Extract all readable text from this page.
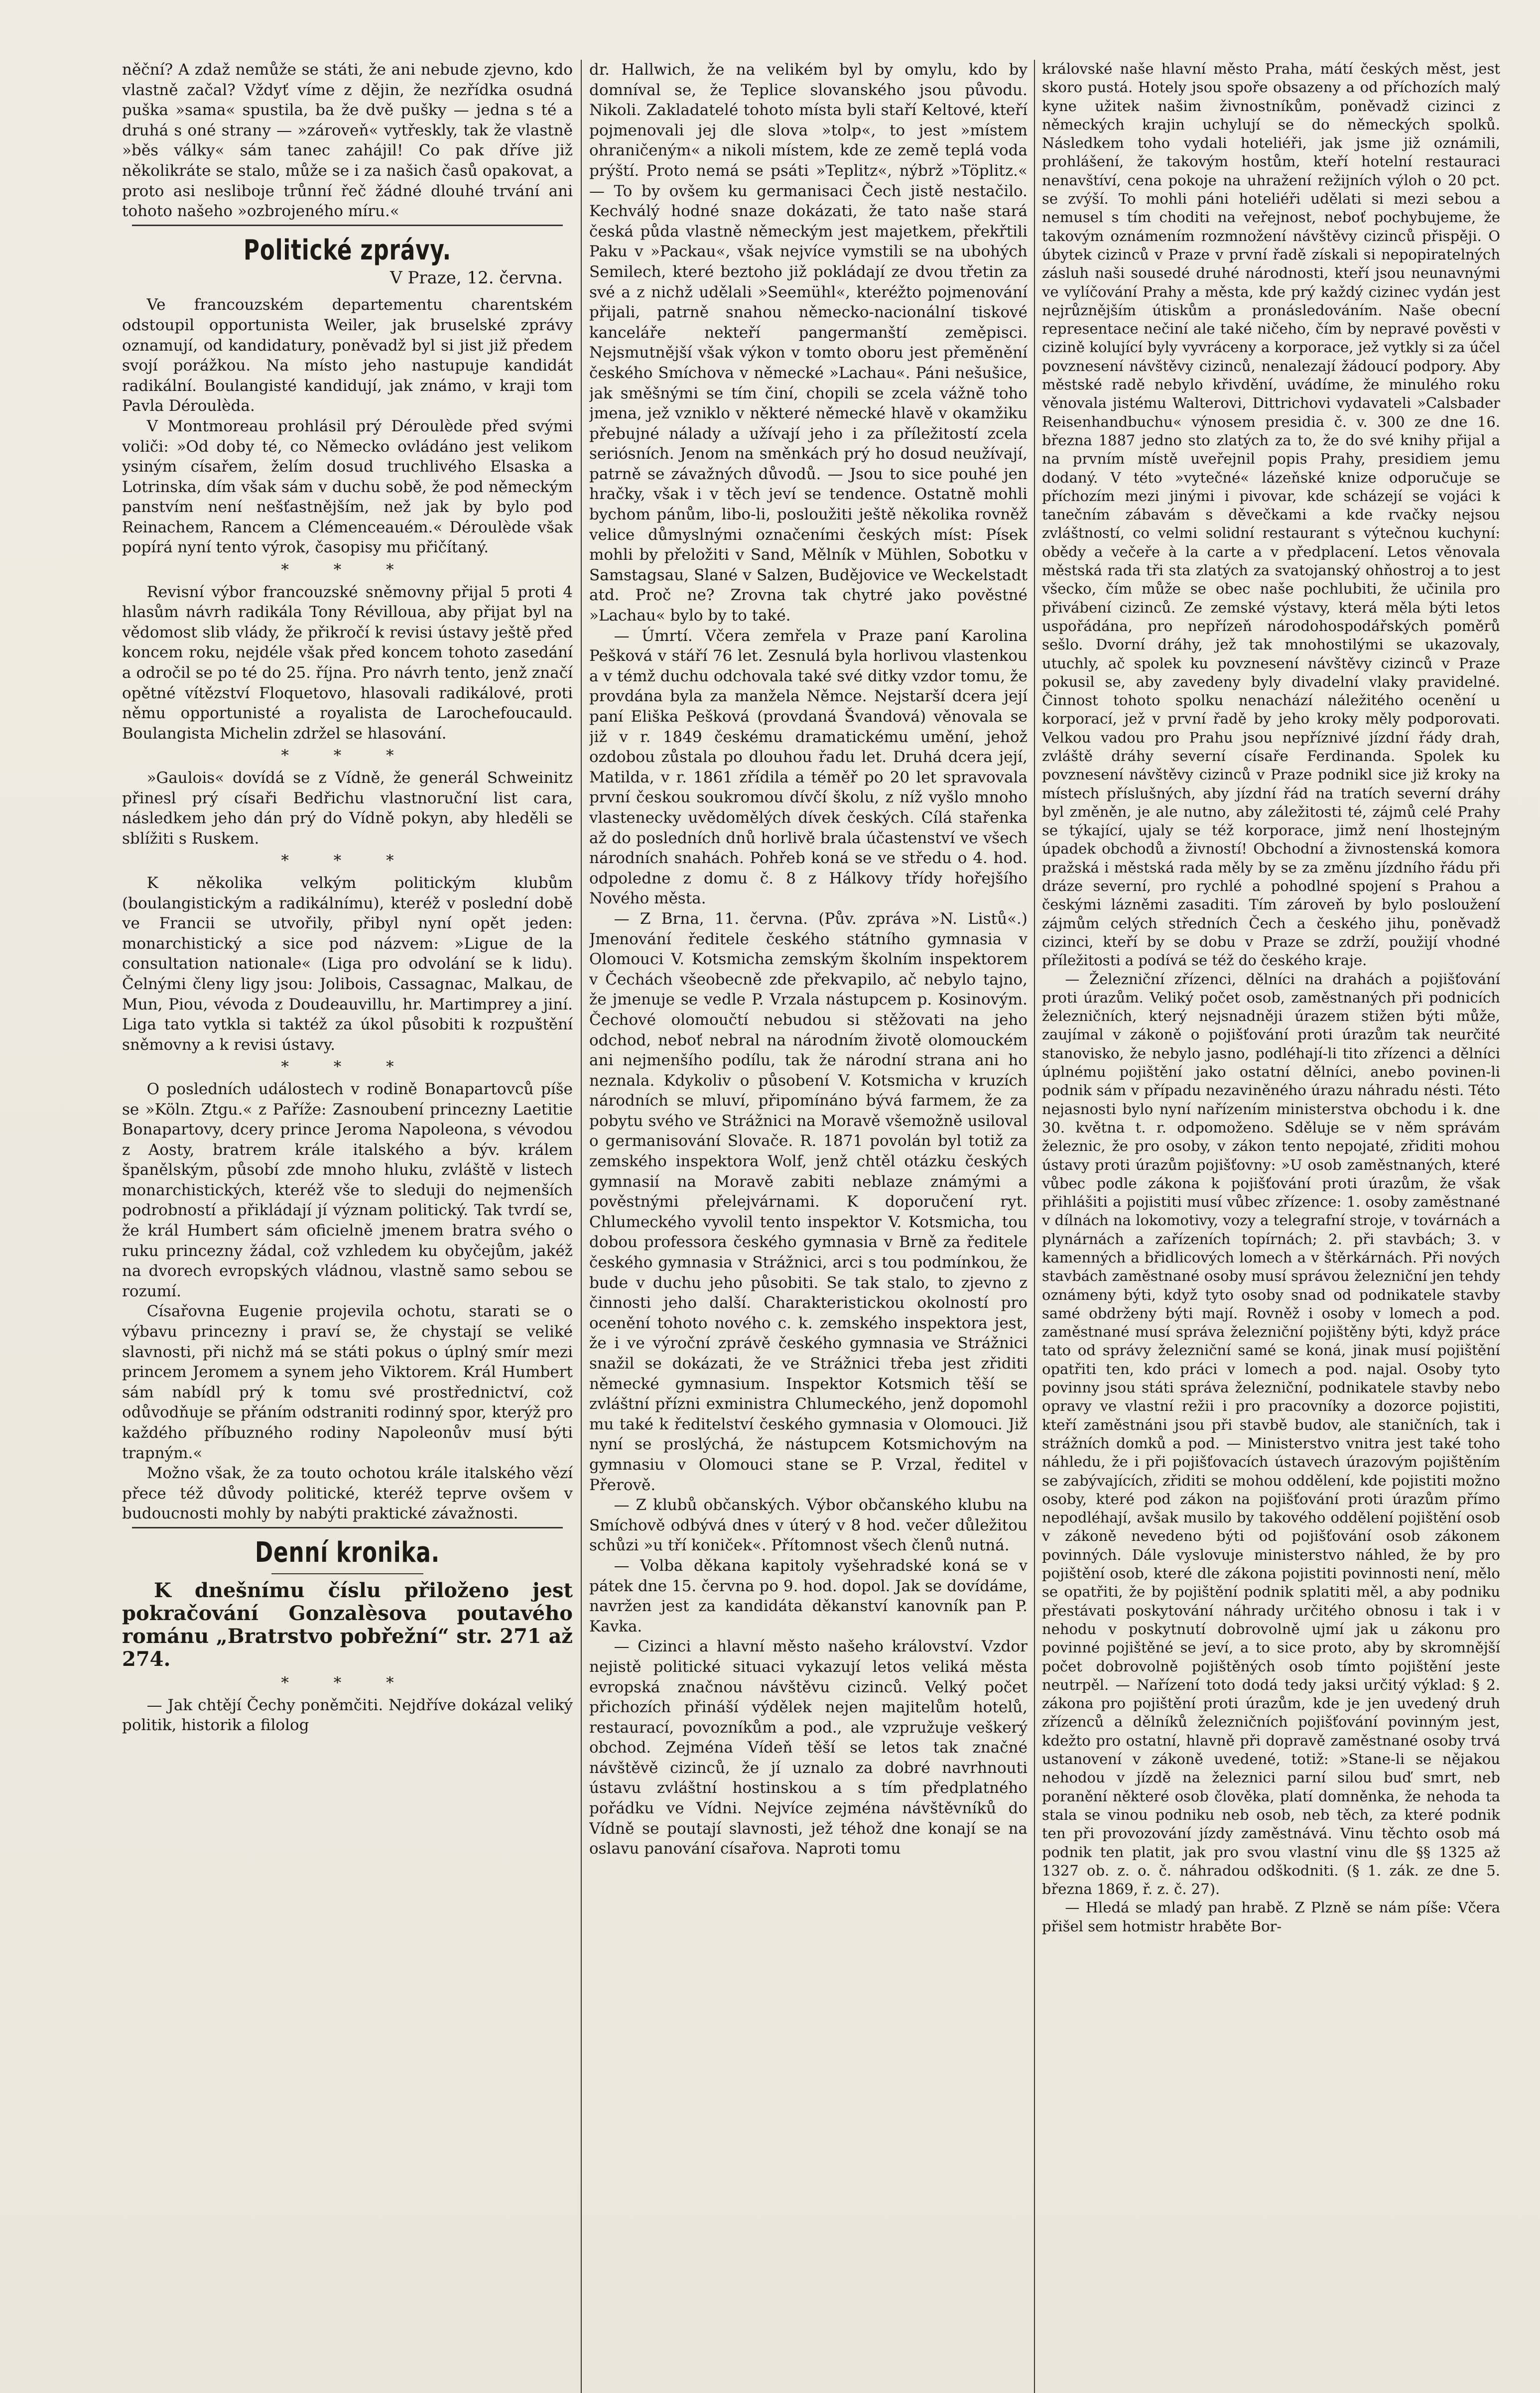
něční? A zdaž nemůže se státi, že ani nebude zjevno, kdo vlastně začal? Vždyť víme z dějin, že nezřídka osudná puška »sama« spustila, ba že dvě pušky — jedna s té a druhá s oné strany — »zároveň« vytřeskly, tak že vlastně »běs války« sám tanec zahájil! Co pak dříve již několikráte se stalo, může se i za našich časů opakovat, a proto asi nesliboje trůnní řeč žádné dlouhé trvání ani tohoto našeho »ozbrojeného míru.«

Politické zprávy.
V Praze, 12. června.

Ve francouzském departementu charentském odstoupil opportunista Weiler, jak bruselské zprávy oznamují, od kandidatury, poněvadž byl si jist již předem svojí porážkou. Na místo jeho nastupuje kandidát radikální. Boulangisté kandidují, jak známo, v kraji tom Pavla Déroulèda.

V Montmoreau prohlásil prý Déroulède před svými voliči: »Od doby té, co Německo ovládáno jest velikom ysiným císařem, želím dosud truchlivého Elsaska a Lotrinska, dím však sám v duchu sobě, že pod německým panstvím není nešťastnějším, než jak by bylo pod Reinachem, Rancem a Clémenceauém.« Déroulède však popírá nyní tento výrok, časopisy mu přičítaný.

* * *

Revisní výbor francouzské sněmovny přijal 5 proti 4 hlasům návrh radikála Tony Révilloua, aby přijat byl na vědomost slib vlády, že přikročí k revisi ústavy ještě před koncem roku, nejdéle však před koncem tohoto zasedání a odročil se po té do 25. října. Pro návrh tento, jenž značí opětné vítězství Floquetovo, hlasovali radikálové, proti němu opportunisté a royalista de Larochefoucauld. Boulangista Michelin zdržel se hlasování.

* * *

»Gaulois« dovídá se z Vídně, že generál Schweinitz přinesl prý císaři Bedřichu vlastnoruční list cara, následkem jeho dán prý do Vídně pokyn, aby hleděli se sblížiti s Ruskem.

* * *

K několika velkým politickým klubům (boulangistickým a radikálnímu), kteréž v poslední době ve Francii se utvořily, přibyl nyní opět jeden: monarchistický a sice pod názvem: »Ligue de la consultation nationale« (Liga pro odvolání se k lidu). Čelnými členy ligy jsou: Jolibois, Cassagnac, Malkau, de Mun, Piou, vévoda z Doudeauvillu, hr. Martimprey a jiní. Liga tato vytkla si taktéž za úkol působiti k rozpuštění sněmovny a k revisi ústavy.

* * *

O posledních událostech v rodině Bonapartovců píše se »Köln. Ztgu.« z Paříže: Zasnoubení princezny Laetitie Bonapartovy, dcery prince Jeroma Napoleona, s vévodou z Aosty, bratrem krále italského a býv. králem španělským, působí zde mnoho hluku, zvláště v listech monarchistických, kteréž vše to sleduji do nejmenších podrobností a přikládají jí význam politický. Tak tvrdí se, že král Humbert sám oficielně jmenem bratra svého o ruku princezny žádal, což vzhledem ku obyčejům, jakéž na dvorech evropských vládnou, vlastně samo sebou se rozumí.

Císařovna Eugenie projevila ochotu, starati se o výbavu princezny i praví se, že chystají se veliké slavnosti, při nichž má se státi pokus o úplný smír mezi princem Jeromem a synem jeho Viktorem. Král Humbert sám nabídl prý k tomu své prostřednictví, což odůvodňuje se přáním odstraniti rodinný spor, kterýž pro každého příbuzného rodiny Napoleonův musí býti trapným.«

Možno však, že za touto ochotou krále italského vězí přece též důvody politické, kteréž teprve ovšem v budoucnosti mohly by nabýti praktické závažnosti.

Denní kronika.

K dnešnímu číslu přiloženo jest pokračování Gonzalèsova poutavého románu „Bratrstvo pobřežní“ str. 271 až 274.

* * *

— Jak chtějí Čechy poněmčiti. Nejdříve dokázal veliký politik, historik a filolog

dr. Hallwich, že na velikém byl by omylu, kdo by domníval se, že Teplice slovanského jsou původu. Nikoli. Zakladatelé tohoto místa byli staří Keltové, kteří pojmenovali jej dle slova »tolp«, to jest »místem ohraničeným« a nikoli místem, kde ze země teplá voda prýští. Proto nemá se psáti »Teplitz«, nýbrž »Töplitz.« — To by ovšem ku germanisaci Čech jistě nestačilo. Kechválý hodné snaze dokázati, že tato naše stará česká půda vlastně německým jest majetkem, překřtili Paku v »Packau«, však nejvíce vymstili se na ubohých Semilech, které beztoho již pokládají ze dvou třetin za své a z nichž udělali »Seemühl«, kteréžto pojmenování přijali, patrně snahou německo-nacionální tiskové kanceláře nekteří pangermanští zeměpisci. Nejsmutnější však výkon v tomto oboru jest přeměnění českého Smíchova v německé »Lachau«. Páni nešušice, jak směšnými se tím činí, chopili se zcela vážně toho jmena, jež vzniklo v některé německé hlavě v okamžiku přebujné nálady a užívají jeho i za příležitostí zcela seriósních. Jenom na směnkách prý ho dosud neužívají, patrně se závažných důvodů. — Jsou to sice pouhé jen hračky, však i v těch jeví se tendence. Ostatně mohli bychom pánům, libo-li, posloužiti ještě několika rovněž velice důmyslnými označeními českých míst: Písek mohli by přeložiti v Sand, Mělník v Mühlen, Sobotku v Samstagsau, Slané v Salzen, Budějovice ve Weckelstadt atd. Proč ne? Zrovna tak chytré jako pověstné »Lachau« bylo by to také.

— Úmrtí. Včera zemřela v Praze paní Karolina Pešková v stáří 76 let. Zesnulá byla horlivou vlastenkou a v témž duchu odchovala také své ditky vzdor tomu, že provdána byla za manžela Němce. Nejstarší dcera její paní Eliška Pešková (provdaná Švandová) věnovala se již v r. 1849 českému dramatickému umění, jehož ozdobou zůstala po dlouhou řadu let. Druhá dcera její, Matilda, v r. 1861 zřídila a téměř po 20 let spravovala první českou soukromou dívčí školu, z níž vyšlo mnoho vlastenecky uvědomělých dívek českých. Cílá stařenka až do posledních dnů horlivě brala účastenství ve všech národních snahách. Pohřeb koná se ve středu o 4. hod. odpoledne z domu č. 8 z Hálkovy třídy hořejšího Nového města.

— Z Brna, 11. června. (Pův. zpráva »N. Listů«.) Jmenování ředitele českého státního gymnasia v Olomouci V. Kotsmicha zemským školním inspektorem v Čechách všeobecně zde překvapilo, ač nebylo tajno, že jmenuje se vedle P. Vrzala nástupcem p. Kosinovým. Čechové olomoučtí nebudou si stěžovati na jeho odchod, neboť nebral na národním životě olomouckém ani nejmenšího podílu, tak že národní strana ani ho neznala. Kdykoliv o působení V. Kotsmicha v kruzích národních se mluví, připomínáno bývá farmem, že za pobytu svého ve Strážnici na Moravě všemožně usiloval o germanisování Slovače. R. 1871 povolán byl totiž za zemského inspektora Wolf, jenž chtěl otázku českých gymnasií na Moravě zabiti neblaze známými a pověstnými přelejvárnami. K doporučení ryt. Chlumeckého vyvolil tento inspektor V. Kotsmicha, tou dobou professora českého gymnasia v Brně za ředitele českého gymnasia v Strážnici, arci s tou podmínkou, že bude v duchu jeho působiti. Se tak stalo, to zjevno z činnosti jeho další. Charakteristickou okolností pro ocenění tohoto nového c. k. zemského inspektora jest, že i ve výroční zprávě českého gymnasia ve Strážnici snažil se dokázati, že ve Strážnici třeba jest zřiditi německé gymnasium. Inspektor Kotsmich těší se zvláštní přízni exministra Chlumeckého, jenž dopomohl mu také k ředitelství českého gymnasia v Olomouci. Již nyní se proslýchá, že nástupcem Kotsmichovým na gymnasiu v Olomouci stane se P. Vrzal, ředitel v Přerově.

— Z klubů občanských. Výbor občanského klubu na Smíchově odbývá dnes v úterý v 8 hod. večer důležitou schůzi »u tří koniček«. Přítomnost všech členů nutná.

— Volba děkana kapitoly vyšehradské koná se v pátek dne 15. června po 9. hod. dopol. Jak se dovídáme, navržen jest za kandidáta děkanství kanovník pan P. Kavka.

— Cizinci a hlavní město našeho království. Vzdor nejistě politické situaci vykazují letos veliká města evropská značnou návštěvu cizinců. Velký počet přichozích přináší výdělek nejen majitelům hotelů, restaurací, povozníkům a pod., ale vzpružuje veškerý obchod. Zejména Vídeň těší se letos tak značné návštěvě cizinců, že jí uznalo za dobré navrhnouti ústavu zvláštní hostinskou a s tím předplatného pořádku ve Vídni. Nejvíce zejména návštěvníků do Vídně se poutají slavnosti, jež téhož dne konají se na oslavu panování císařova. Naproti tomu

královské naše hlavní město Praha, mátí českých měst, jest skoro pustá. Hotely jsou spoře obsazeny a od příchozích malý kyne užitek našim živnostníkům, poněvadž cizinci z německých krajin uchylují se do německých spolků. Následkem toho vydali hoteliéři, jak jsme již oznámili, prohlášení, že takovým hostům, kteří hotelní restauraci nenavštíví, cena pokoje na uhražení režijních výloh o 20 pct. se zvýší. To mohli páni hoteliéři udělati si mezi sebou a nemusel s tím choditi na veřejnost, neboť pochybujeme, že takovým oznámením rozmnožení návštěvy cizinců přispěji. O úbytek cizinců v Praze v první řadě získali si nepopiratelných zásluh naši sousedé druhé národnosti, kteří jsou neunavnými ve vylíčování Prahy a města, kde prý každý cizinec vydán jest nejrůznějším útiskům a pronásledováním. Naše obecní representace nečiní ale také ničeho, čím by nepravé pověsti v cizině kolující byly vyvráceny a korporace, jež vytkly si za účel povznesení návštěvy cizinců, nenalezají žádoucí podpory. Aby městské radě nebylo křivdění, uvádíme, že minulého roku věnovala jistému Walterovi, Dittrichovi vydavateli »Calsbader Reisenhandbuchu« výnosem presidia č. v. 300 ze dne 16. března 1887 jedno sto zlatých za to, že do své knihy přijal a na prvním místě uveřejnil popis Prahy, presidiem jemu dodaný. V této »vytečné« lázeňské knize odporučuje se příchozím mezi jinými i pivovar, kde scházejí se vojáci k tanečním zábavám s děvečkami a kde rvačky nejsou zvláštností, co velmi solidní restaurant s výtečnou kuchyní: obědy a večeře à la carte a v předplacení. Letos věnovala městská rada tři sta zlatých za svatojanský ohňostroj a to jest všecko, čím může se obec naše pochlubiti, že učinila pro přivábení cizinců. Ze zemské výstavy, která měla býti letos uspořádána, pro nepřízeň národohospodářských poměrů sešlo. Dvorní dráhy, jež tak mnohostilými se ukazovaly, utuchly, ač spolek ku povznesení návštěvy cizinců v Praze pokusil se, aby zavedeny byly divadelní vlaky pravidelné. Činnost tohoto spolku nenachází náležitého ocenění u korporací, jež v první řadě by jeho kroky měly podporovati. Velkou vadou pro Prahu jsou nepříznivé jízdní řády drah, zvláště dráhy severní císaře Ferdinanda. Spolek ku povznesení návštěvy cizinců v Praze podnikl sice již kroky na místech příslušných, aby jízdní řád na tratích severní dráhy byl změněn, je ale nutno, aby záležitosti té, zájmů celé Prahy se týkající, ujaly se též korporace, jimž není lhostejným úpadek obchodů a živností! Obchodní a živnostenská komora pražská i městská rada měly by se za změnu jízdního řádu při dráze severní, pro rychlé a pohodlné spojení s Prahou a českými lázněmi zasaditi. Tím zároveň by bylo posloužení zájmům celých středních Čech a českého jihu, poněvadž cizinci, kteří by se dobu v Praze se zdrží, použijí vhodné příležitosti a podívá se též do českého kraje.

— Železniční zřízenci, dělníci na drahách a pojišťování proti úrazům. Veliký počet osob, zaměstnaných při podnicích železničních, který nejsnadněji úrazem stižen býti může, zaujímal v zákoně o pojišťování proti úrazům tak neurčité stanovisko, že nebylo jasno, podléhají-li tito zřízenci a dělníci úplnému pojištění jako ostatní dělníci, anebo povinen-li podnik sám v případu nezaviněného úrazu náhradu nésti. Této nejasnosti bylo nyní nařízením ministerstva obchodu i k. dne 30. května t. r. odpomoženo. Sděluje se v něm správám železnic, že pro osoby, v zákon tento nepojaté, zřiditi mohou ústavy proti úrazům pojišťovny: »U osob zaměstnaných, které vůbec podle zákona k pojišťování proti úrazům, že však přihlášiti a pojistiti musí vůbec zřízence: 1. osoby zaměstnané v dílnách na lokomotivy, vozy a telegrafní stroje, v továrnách a plynárnách a zařízeních topírnách; 2. při stavbách; 3. v kamenných a břidlicových lomech a v štěrkárnách. Při nových stavbách zaměstnané osoby musí správou železniční jen tehdy oznámeny býti, když tyto osoby snad od podnikatele stavby samé obdrženy býti mají. Rovněž i osoby v lomech a pod. zaměstnané musí správa železniční pojištěny býti, když práce tato od správy železniční samé se koná, jinak musí pojištění opatřiti ten, kdo práci v lomech a pod. najal. Osoby tyto povinny jsou státi správa železniční, podnikatele stavby nebo opravy ve vlastní režii i pro pracovníky a dozorce pojistiti, kteří zaměstnáni jsou při stavbě budov, ale staničních, tak i strážních domků a pod. — Ministerstvo vnitra jest také toho náhledu, že i při pojišťovacích ústavech úrazovým pojištěním se zabývajících, zřiditi se mohou oddělení, kde pojistiti možno osoby, které pod zákon na pojišťování proti úrazům přímo nepodléhají, avšak musilo by takového oddělení pojištění osob v zákoně nevedeno býti od pojišťování osob zákonem povinných. Dále vyslovuje ministerstvo náhled, že by pro pojištění osob, které dle zákona pojistiti povinnosti není, mělo se opatřiti, že by pojištění podnik splatiti měl, a aby podniku přestávati poskytování náhrady určitého obnosu i tak i v nehodu v poskytnutí dobrovolně ujmí jak u zákonu pro povinné pojištěné se jeví, a to sice proto, aby by skromnější počet dobrovolně pojištěných osob tímto pojištění jeste neutrpěl. — Nařízení toto dodá tedy jaksi určitý výklad: § 2. zákona pro pojištění proti úrazům, kde je jen uvedený druh zřízenců a dělníků železničních pojišťování povinným jest, kdežto pro ostatní, hlavně při dopravě zaměstnané osoby trvá ustanovení v zákoně uvedené, totiž: »Stane-li se nějakou nehodou v jízdě na železnici parní silou buď smrt, neb poranění některé osob člověka, platí domněnka, že nehoda ta stala se vinou podniku neb osob, neb těch, za které podnik ten při provozování jízdy zaměstnává. Vinu těchto osob má podnik ten platit, jak pro svou vlastní vinu dle §§ 1325 až 1327 ob. z. o. č. náhradou odškodniti. (§ 1. zák. ze dne 5. března 1869, ř. z. č. 27).

— Hledá se mladý pan hrabě. Z Plzně se nám píše: Včera přišel sem hotmistr hraběte Bor-
